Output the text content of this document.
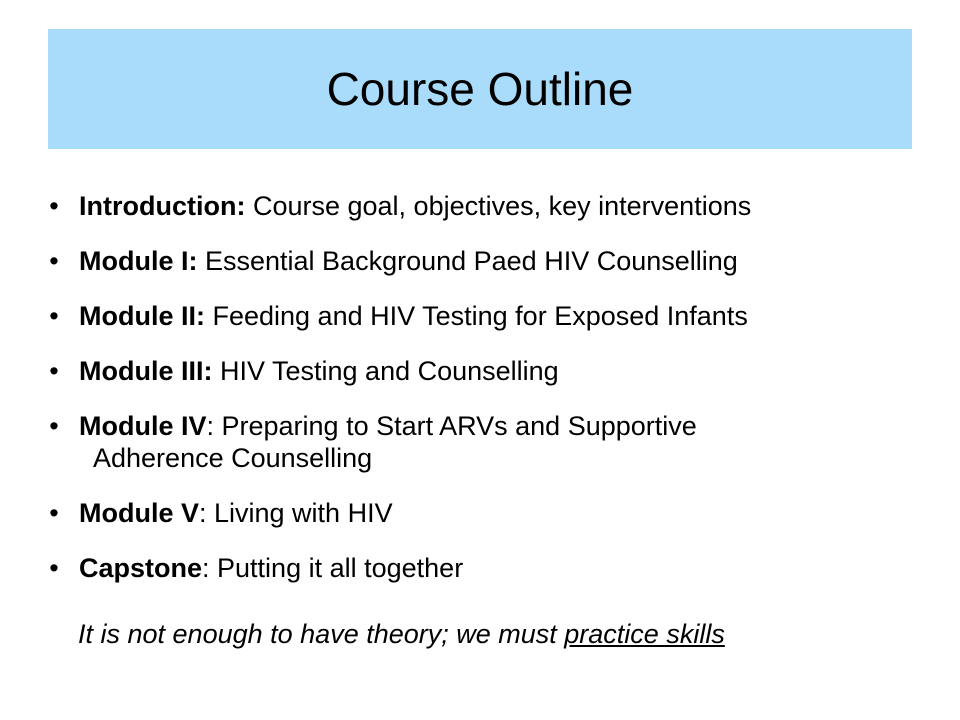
Course Outline
• Introduction: Course goal, objectives, key interventions
• Module I: Essential Background Paed HIV Counselling
• Module II: Feeding and HIV Testing for Exposed Infants
• Module III: HIV Testing and Counselling
• Module IV: Preparing to Start ARVs and Supportive
Adherence Counselling
• Module V: Living with HIV
• Capstone: Putting it all together
It is not enough to have theory; we must practice skills
